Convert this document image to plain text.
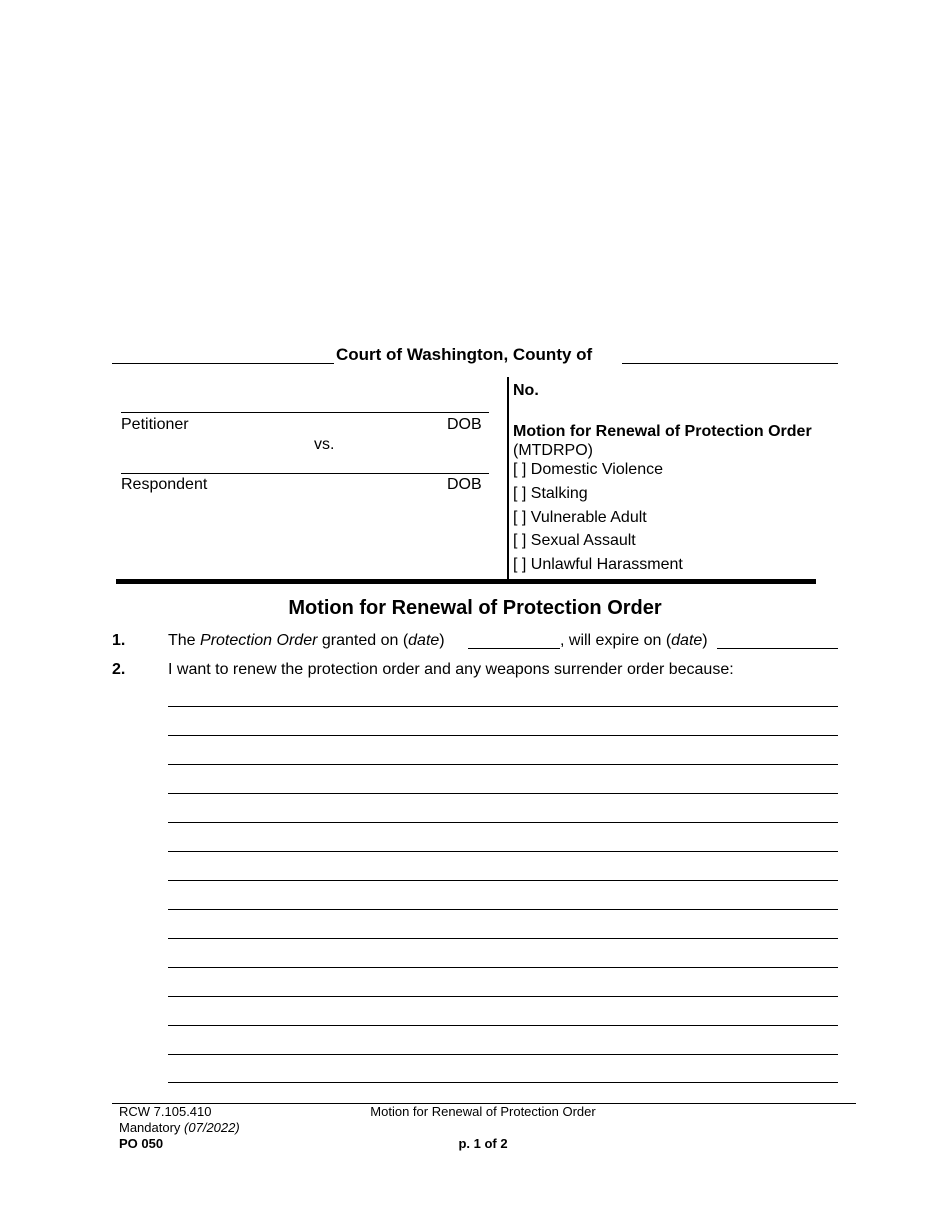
Court of Washington, County of
Petitioner	DOB
vs.
Respondent	DOB
No.
Motion for Renewal of Protection Order (MTDRPO)
[ ] Domestic Violence
[ ] Stalking
[ ] Vulnerable Adult
[ ] Sexual Assault
[ ] Unlawful Harassment
Motion for Renewal of Protection Order
1.	The Protection Order granted on (date)	, will expire on (date)
2.	I want to renew the protection order and any weapons surrender order because:
RCW 7.105.410
Mandatory (07/2022)
PO 050
Motion for Renewal of Protection Order
p. 1 of 2
